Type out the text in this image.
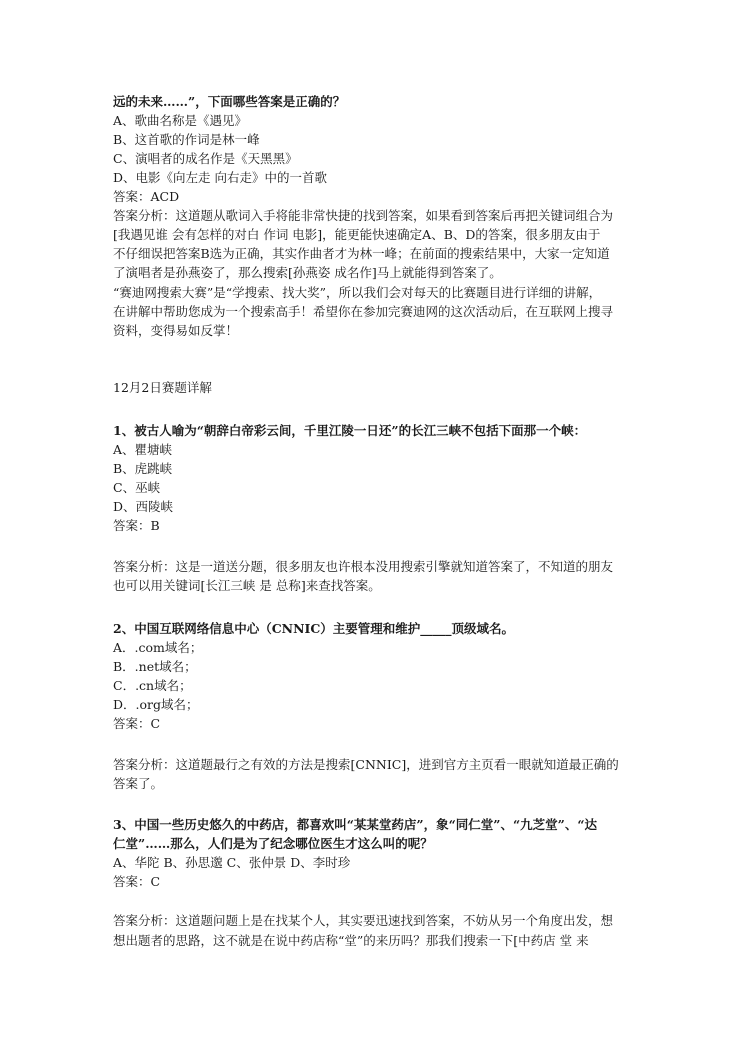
远的未来……”，下面哪些答案是正确的？
A、歌曲名称是《遇见》
B、这首歌的作词是林一峰
C、演唱者的成名作是《天黑黑》
D、电影《向左走 向右走》中的一首歌
答案：ACD
答案分析：这道题从歌词入手将能非常快捷的找到答案，如果看到答案后再把关键词组合为
[我遇见谁 会有怎样的对白 作词 电影]，能更能快速确定A、B、D的答案，很多朋友由于
不仔细误把答案B选为正确，其实作曲者才为林一峰；在前面的搜索结果中，大家一定知道
了演唱者是孙燕姿了，那么搜索[孙燕姿 成名作]马上就能得到答案了。
“赛迪网搜索大赛”是“学搜索、找大奖”，所以我们会对每天的比赛题目进行详细的讲解，
在讲解中帮助您成为一个搜索高手！希望你在参加完赛迪网的这次活动后，在互联网上搜寻
资料，变得易如反掌！
12月2日赛题详解
1、被古人喻为“朝辞白帝彩云间，千里江陵一日还”的长江三峡不包括下面那一个峡：
A、瞿塘峡
B、虎跳峡
C、巫峡
D、西陵峡
答案：B
答案分析：这是一道送分题，很多朋友也许根本没用搜索引擎就知道答案了，不知道的朋友
也可以用关键词[长江三峡 是 总称]来查找答案。
2、中国互联网络信息中心（CNNIC）主要管理和维护_____顶级域名。
A．.com域名；
B．.net域名；
C．.cn域名；
D．.org域名；
答案：C
答案分析：这道题最行之有效的方法是搜索[CNNIC]，进到官方主页看一眼就知道最正确的
答案了。
3、中国一些历史悠久的中药店，都喜欢叫“某某堂药店”，象“同仁堂”、“九芝堂”、“达
仁堂”……那么，人们是为了纪念哪位医生才这么叫的呢？
A、华陀 B、孙思邈 C、张仲景 D、李时珍
答案：C
答案分析：这道题问题上是在找某个人，其实要迅速找到答案，不妨从另一个角度出发，想
想出题者的思路，这不就是在说中药店称“堂”的来历吗？那我们搜索一下[中药店 堂 来
